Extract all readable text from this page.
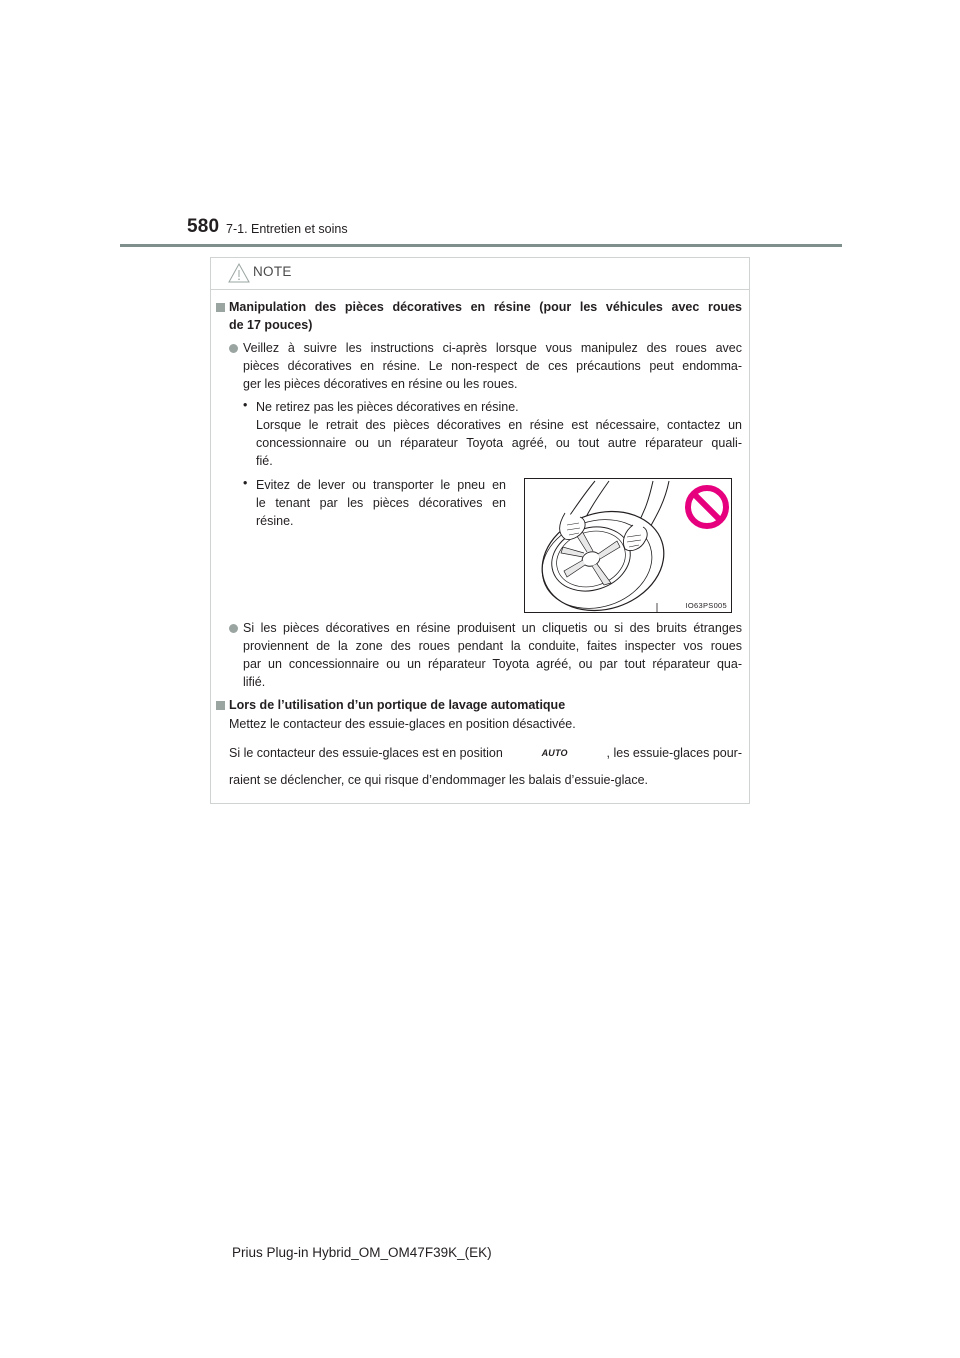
580 7-1. Entretien et soins
NOTE
Manipulation des pièces décoratives en résine (pour les véhicules avec roues
de 17 pouces)
Veillez à suivre les instructions ci-après lorsque vous manipulez des roues avec
pièces décoratives en résine. Le non-respect de ces précautions peut endomma-
ger les pièces décoratives en résine ou les roues.
• Ne retirez pas les pièces décoratives en résine.
Lorsque le retrait des pièces décoratives en résine est nécessaire, contactez un
concessionnaire ou un réparateur Toyota agréé, ou tout autre réparateur quali-
fié.
• Evitez de lever ou transporter le pneu en
le tenant par les pièces décoratives en
résine.
IO63PS005
Si les pièces décoratives en résine produisent un cliquetis ou si des bruits étranges
proviennent de la zone des roues pendant la conduite, faites inspecter vos roues
par un concessionnaire ou un réparateur Toyota agréé, ou par tout réparateur qua-
lifié.
Lors de l’utilisation d’un portique de lavage automatique
Mettez le contacteur des essuie-glaces en position désactivée.
Si le contacteur des essuie-glaces est en position	AUTO	, les essuie-glaces pour-
raient se déclencher, ce qui risque d’endommager les balais d’essuie-glace.
Prius Plug-in Hybrid_OM_OM47F39K_(EK)
